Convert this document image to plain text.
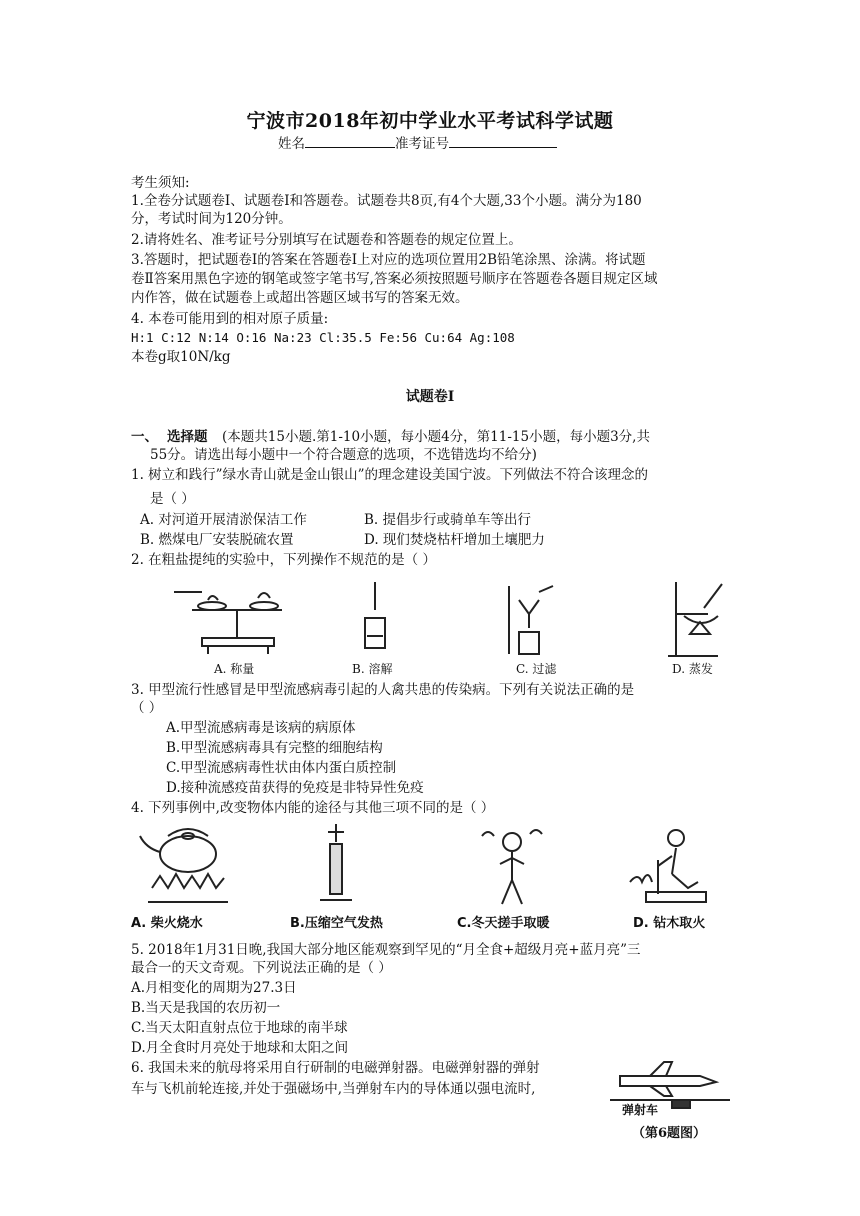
宁波市2018年初中学业水平考试科学试题
姓名	准考证号
考生须知:
1.全卷分试题卷Ⅰ、试题卷Ⅰ和答题卷。试题卷共8页,有4个大题,33个小题。满分为180
分，考试时间为120分钟。
2.请将姓名、准考证号分别填写在试题卷和答题卷的规定位置上。
3.答题时，把试题卷Ⅰ的答案在答题卷Ⅰ上对应的选项位置用2B铅笔涂黑、涂满。将试题
卷Ⅱ答案用黑色字迹的钢笔或签字笔书写,答案必须按照题号顺序在答题卷各题目规定区域
内作答，做在试题卷上或超出答题区域书写的答案无效。
4. 本卷可能用到的相对原子质量:
H:1 C:12 N:14 O:16 Na:23 Cl:35.5 Fe:56 Cu:64 Ag:108
本卷g取10N/kg
试题卷Ⅰ
一、 选择题 (本题共15小题.第1-10小题，每小题4分，第11-15小题，每小题3分,共
55分。请选出每小题中一个符合题意的选项，不选错选均不给分)
1. 树立和践行”绿水青山就是金山银山”的理念建设美国宁波。下列做法不符合该理念的
是（ ）
A. 对河道开展清淤保洁工作	B. 提倡步行或骑单车等出行
B. 燃煤电厂安装脱硫农置	D. 现们焚烧枯杆增加土壤肥力
2. 在粗盐提纯的实验中，下列操作不规范的是（ ）
A. 称量	B. 溶解	C. 过滤	D. 蒸发
3. 甲型流行性感冒是甲型流感病毒引起的人禽共患的传染病。下列有关说法正确的是
（ ）
A.甲型流感病毒是该病的病原体
B.甲型流感病毒具有完整的细胞结构
C.甲型流感病毒性状由体内蛋白质控制
D.接种流感疫苗获得的免疫是非特异性免疫
4. 下列事例中,改变物体内能的途径与其他三项不同的是（ ）
A. 柴火烧水	B.压缩空气发热	C.冬天搓手取暖	D. 钻木取火
5. 2018年1月31日晚,我国大部分地区能观察到罕见的“月全食+超级月亮+蓝月亮”三
最合一的天文奇观。下列说法正确的是（ ）
A.月相变化的周期为27.3日
B.当天是我国的农历初一
C.当天太阳直射点位于地球的南半球
D.月全食时月亮处于地球和太阳之间
6. 我国未来的航母将采用自行研制的电磁弹射器。电磁弹射器的弹射
车与飞机前轮连接,并处于强磁场中,当弹射车内的导体通以强电流时,
弹射车
（第6题图）
